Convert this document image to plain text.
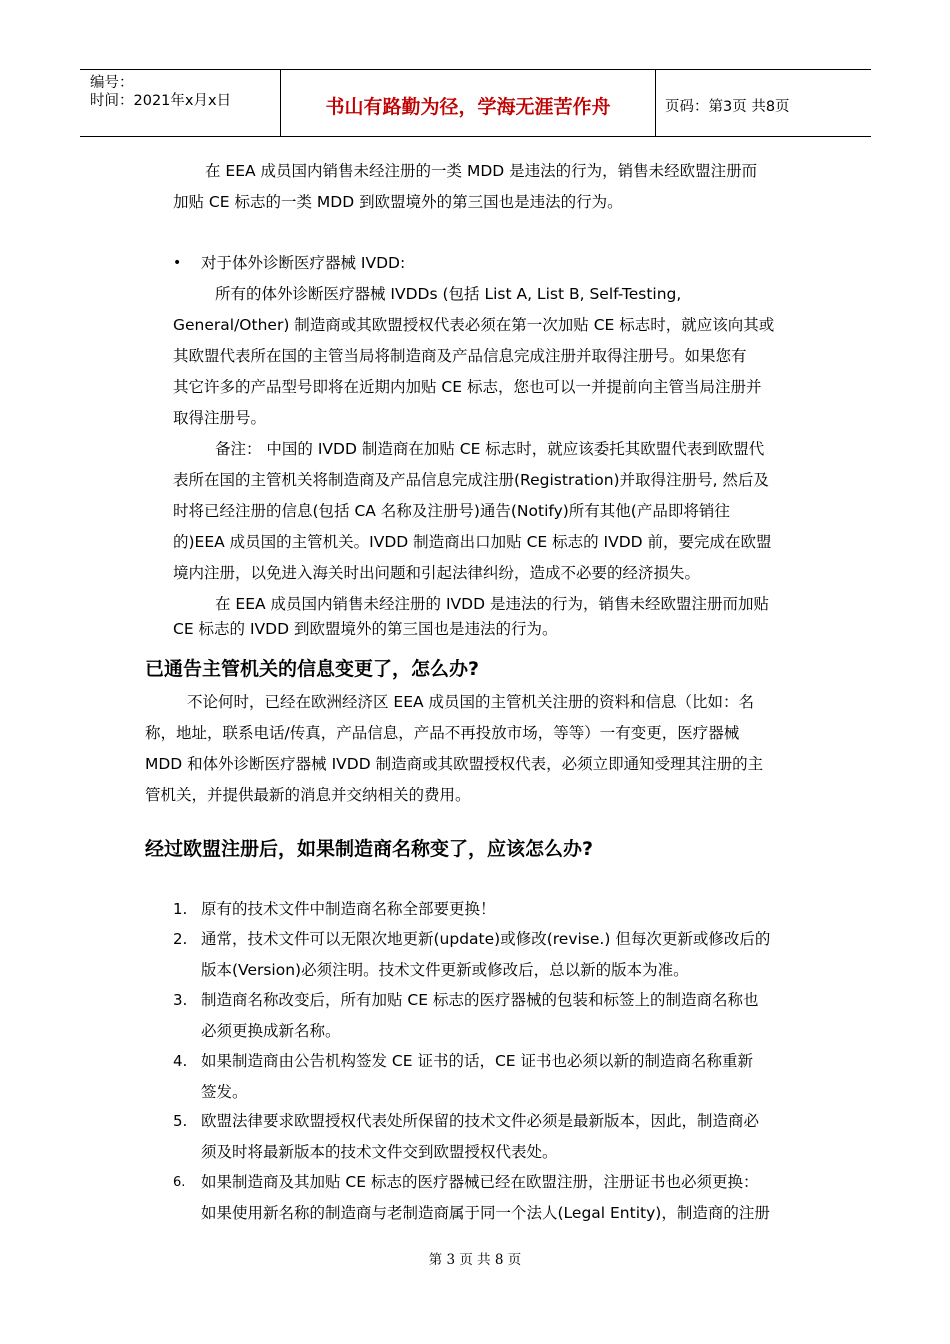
编号：
时间：2021年x月x日	书山有路勤为径，学海无涯苦作舟	页码：第3页 共8页
在 EEA 成员国内销售未经注册的一类 MDD 是违法的行为，销售未经欧盟注册而
加贴 CE 标志的一类 MDD 到欧盟境外的第三国也是违法的行为。
• 对于体外诊断医疗器械 IVDD:
所有的体外诊断医疗器械 IVDDs (包括 List A, List B, Self-Testing,
General/Other) 制造商或其欧盟授权代表必须在第一次加贴 CE 标志时，就应该向其或
其欧盟代表所在国的主管当局将制造商及产品信息完成注册并取得注册号。如果您有
其它许多的产品型号即将在近期内加贴 CE 标志，您也可以一并提前向主管当局注册并
取得注册号。
备注： 中国的 IVDD 制造商在加贴 CE 标志时，就应该委托其欧盟代表到欧盟代
表所在国的主管机关将制造商及产品信息完成注册(Registration)并取得注册号, 然后及
时将已经注册的信息(包括 CA 名称及注册号)通告(Notify)所有其他(产品即将销往
的)EEA 成员国的主管机关。IVDD 制造商出口加贴 CE 标志的 IVDD 前，要完成在欧盟
境内注册，以免进入海关时出问题和引起法律纠纷，造成不必要的经济损失。
在 EEA 成员国内销售未经注册的 IVDD 是违法的行为，销售未经欧盟注册而加贴
CE 标志的 IVDD 到欧盟境外的第三国也是违法的行为。
已通告主管机关的信息变更了，怎么办?
不论何时，已经在欧洲经济区 EEA 成员国的主管机关注册的资料和信息（比如：名
称，地址，联系电话/传真，产品信息，产品不再投放市场，等等）一有变更，医疗器械
MDD 和体外诊断医疗器械 IVDD 制造商或其欧盟授权代表，必须立即通知受理其注册的主
管机关，并提供最新的消息并交纳相关的费用。
经过欧盟注册后，如果制造商名称变了，应该怎么办?
1. 原有的技术文件中制造商名称全部要更换！
2. 通常，技术文件可以无限次地更新(update)或修改(revise.) 但每次更新或修改后的
版本(Version)必须注明。技术文件更新或修改后，总以新的版本为准。
3. 制造商名称改变后，所有加贴 CE 标志的医疗器械的包装和标签上的制造商名称也
必须更换成新名称。
4. 如果制造商由公告机构签发 CE 证书的话，CE 证书也必须以新的制造商名称重新
签发。
5. 欧盟法律要求欧盟授权代表处所保留的技术文件必须是最新版本，因此，制造商必
须及时将最新版本的技术文件交到欧盟授权代表处。
6. 如果制造商及其加贴 CE 标志的医疗器械已经在欧盟注册，注册证书也必须更换：
如果使用新名称的制造商与老制造商属于同一个法人(Legal Entity)，制造商的注册
第 3 页 共 8 页
